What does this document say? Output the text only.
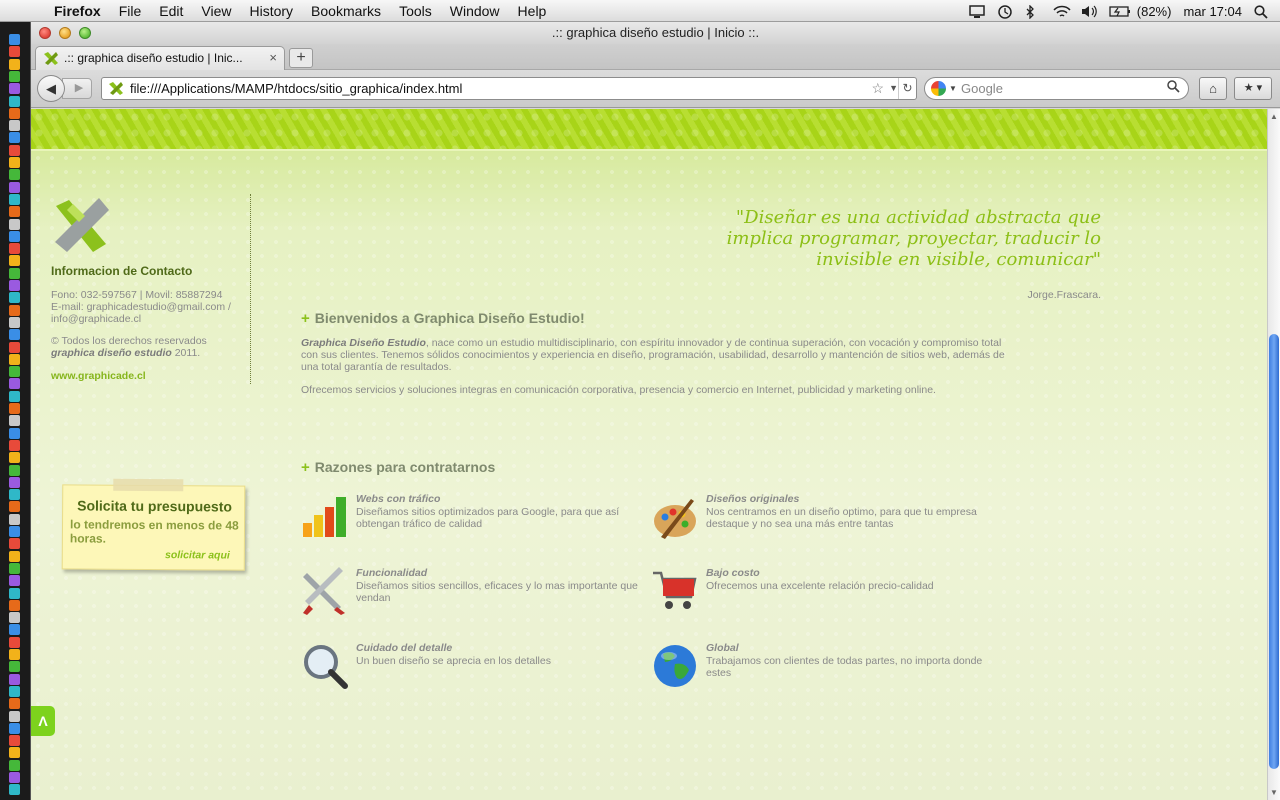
Firefox	File	Edit	View	History	Bookmarks	Tools	Window	Help	(82%) mar 17:04
.:: graphica diseño estudio | Inicio ::.
.:: graphica diseño estudio | Inic... ×	+
◀	▶	file:///Applications/MAMP/htdocs/sitio_graphica/index.html	☆ ▼ ↻	▼ Google	⌂	★ ▾
Informacion de Contacto
Fono: 032-597567 | Movil: 85887294
E-mail: graphicadestudio@gmail.com /
info@graphicade.cl
© Todos los derechos reservados
graphica diseño estudio 2011.
www.graphicade.cl
"Diseñar es una actividad abstracta que implica programar, proyectar, traducir lo invisible en visible, comunicar"
Jorge.Frascara.
+ Bienvenidos a Graphica Diseño Estudio!
Graphica Diseño Estudio, nace como un estudio multidisciplinario, con espíritu innovador y de continua superación, con vocación y compromiso total con sus clientes. Tenemos sólidos conocimientos y experiencia en diseño, programación, usabilidad, desarrollo y mantención de sitios web, además de una total garantía de resultados.
Ofrecemos servicios y soluciones integras en comunicación corporativa, presencia y comercio en Internet, publicidad y marketing online.
+ Razones para contratarnos
Webs con tráfico
Diseñamos sitios optimizados para Google, para que así obtengan tráfico de calidad
Diseños originales
Nos centramos en un diseño optimo, para que tu empresa destaque y no sea una más entre tantas
Funcionalidad
Diseñamos sitios sencillos, eficaces y lo mas importante que vendan
Bajo costo
Ofrecemos una excelente relación precio-calidad
Cuidado del detalle
Un buen diseño se aprecia en los detalles
Global
Trabajamos con clientes de todas partes, no importa donde estes
Solicita tu presupuesto
lo tendremos en menos de 48 horas.
solicitar aqui
Λ
▲
▼
